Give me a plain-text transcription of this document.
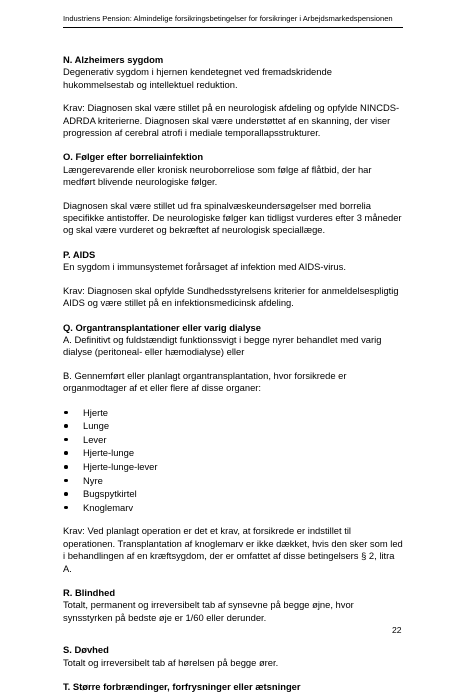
Industriens Pension: Almindelige forsikringsbetingelser for forsikringer i Arbejdsmarkedspensionen

N. Alzheimers sygdom

Degenerativ sygdom i hjernen kendetegnet ved fremadskridende hukommelsestab og intellektuel reduktion.

Krav: Diagnosen skal være stillet på en neurologisk afdeling og opfylde NINCDS-ADRDA kriterierne. Diagnosen skal være understøttet af en skanning, der viser progression af cerebral atrofi i mediale temporallapsstrukturer.

O. Følger efter borreliainfektion

Længerevarende eller kronisk neuroborreliose som følge af flåtbid, der har medført blivende neurologiske følger.

Diagnosen skal være stillet ud fra spinalvæskeundersøgelser med borrelia specifikke antistoffer. De neurologiske følger kan tidligst vurderes efter 3 måneder og skal være vurderet og bekræftet af neurologisk speciallæge.

P. AIDS

En sygdom i immunsystemet forårsaget af infektion med AIDS-virus.

Krav: Diagnosen skal opfylde Sundhedsstyrelsens kriterier for anmeldelsespligtig AIDS og være stillet på en infektionsmedicinsk afdeling.

Q. Organtransplantationer eller varig dialyse

A. Definitivt og fuldstændigt funktionssvigt i begge nyrer behandlet med varig dialyse (peritoneal- eller hæmodialyse) eller

B. Gennemført eller planlagt organtransplantation, hvor forsikrede er organmodtager af et eller flere af disse organer:

Hjerte
Lunge
Lever
Hjerte-lunge
Hjerte-lunge-lever
Nyre
Bugspytkirtel
Knoglemarv

Krav: Ved planlagt operation er det et krav, at forsikrede er indstillet til operationen. Transplantation af knoglemarv er ikke dækket, hvis den sker som led i behandlingen af en kræftsygdom, der er omfattet af disse betingelsers § 2, litra A.

R. Blindhed

Totalt, permanent og irreversibelt tab af synsevne på begge øjne, hvor synsstyrken på bedste øje er 1/60 eller derunder.

S. Døvhed

Totalt og irreversibelt tab af hørelsen på begge ører.

T. Større forbrændinger, forfrysninger eller ætsninger

22
